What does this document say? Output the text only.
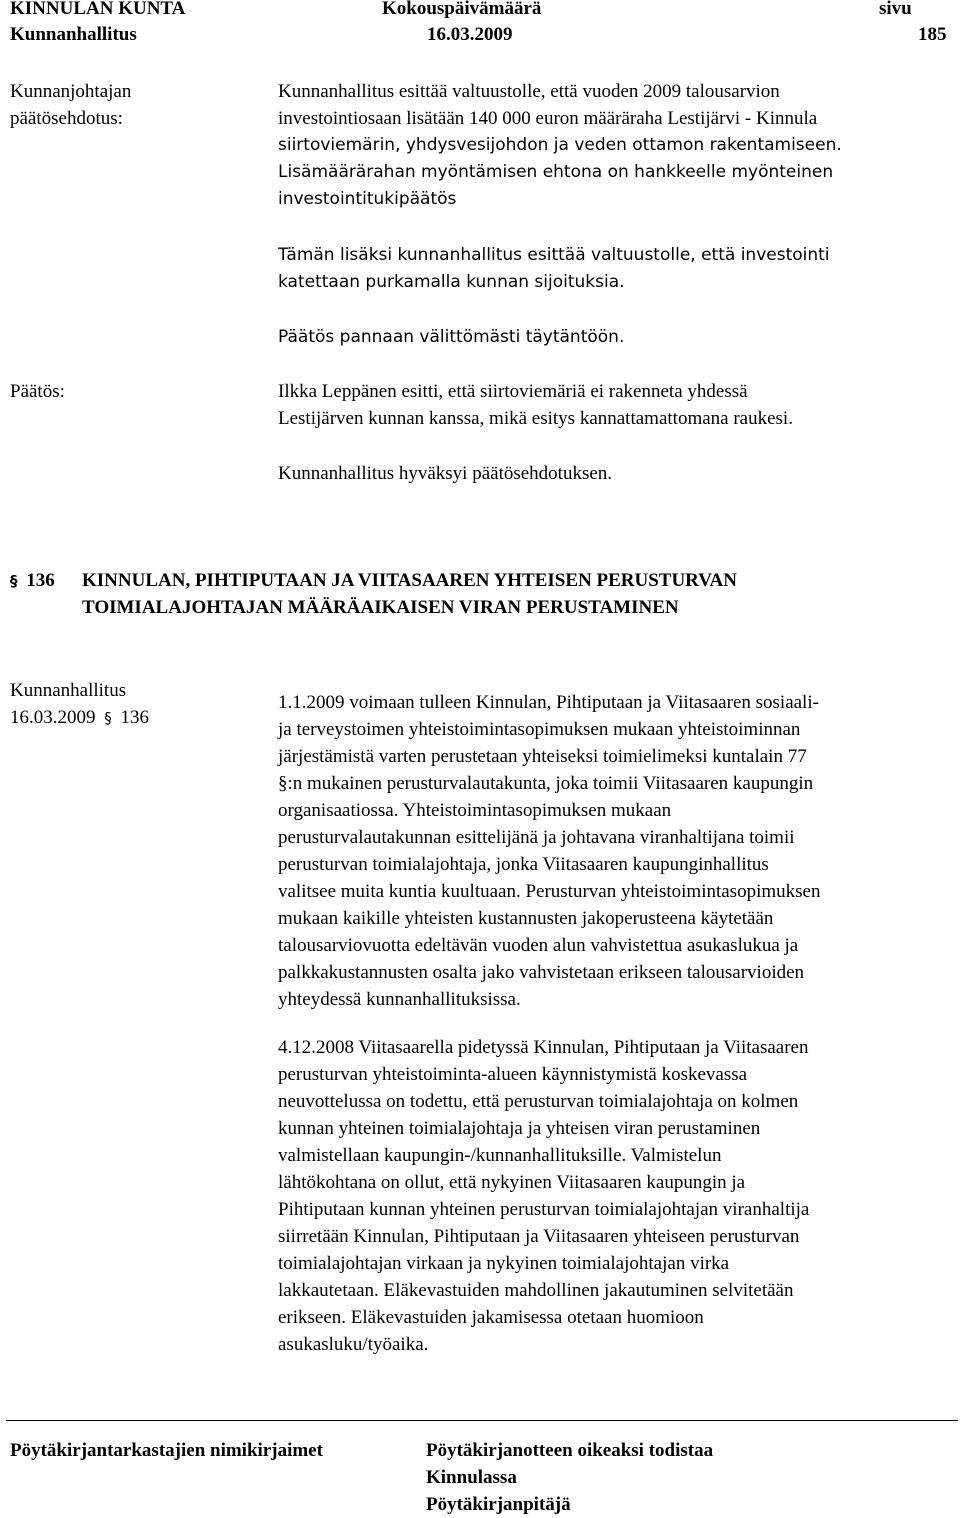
KINNULAN KUNTA	Kokouspäivämäärä	sivu
Kunnanhallitus	16.03.2009	185
Kunnanjohtajan
päätösehdotus:
Kunnanhallitus esittää valtuustolle, että vuoden 2009 talousarvion
investointiosaan lisätään 140 000 euron määräraha Lestijärvi - Kinnula
siirtoviemärin, yhdysvesijohdon ja veden ottamon rakentamiseen.
Lisämäärärahan myöntämisen ehtona on hankkeelle myönteinen
investointitukipäätös
Tämän lisäksi kunnanhallitus esittää valtuustolle, että investointi
katettaan purkamalla kunnan sijoituksia.
Päätös pannaan välittömästi täytäntöön.
Päätös:	Ilkka Leppänen esitti, että siirtoviemäriä ei rakenneta yhdessä
Lestijärven kunnan kanssa, mikä esitys kannattamattomana raukesi.
Kunnanhallitus hyväksyi päätösehdotuksen.
§ 136 KINNULAN, PIHTIPUTAAN JA VIITASAAREN YHTEISEN PERUSTURVAN
TOIMIALAJOHTAJAN MÄÄRÄAIKAISEN VIRAN PERUSTAMINEN
Kunnanhallitus
16.03.2009 § 136
1.1.2009 voimaan tulleen Kinnulan, Pihtiputaan ja Viitasaaren sosiaali-
ja terveystoimen yhteistoimintasopimuksen mukaan yhteistoiminnan
järjestämistä varten perustetaan yhteiseksi toimielimeksi kuntalain 77
§:n mukainen perusturvalautakunta, joka toimii Viitasaaren kaupungin
organisaatiossa. Yhteistoimintasopimuksen mukaan
perusturvalautakunnan esittelijänä ja johtavana viranhaltijana toimii
perusturvan toimialajohtaja, jonka Viitasaaren kaupunginhallitus
valitsee muita kuntia kuultuaan. Perusturvan yhteistoimintasopimuksen
mukaan kaikille yhteisten kustannusten jakoperusteena käytetään
talousarviovuotta edeltävän vuoden alun vahvistettua asukaslukua ja
palkkakustannusten osalta jako vahvistetaan erikseen talousarvioiden
yhteydessä kunnanhallituksissa.
4.12.2008 Viitasaarella pidetyssä Kinnulan, Pihtiputaan ja Viitasaaren
perusturvan yhteistoiminta-alueen käynnistymistä koskevassa
neuvottelussa on todettu, että perusturvan toimialajohtaja on kolmen
kunnan yhteinen toimialajohtaja ja yhteisen viran perustaminen
valmistellaan kaupungin-/kunnanhallituksille. Valmistelun
lähtökohtana on ollut, että nykyinen Viitasaaren kaupungin ja
Pihtiputaan kunnan yhteinen perusturvan toimialajohtajan viranhaltija
siirretään Kinnulan, Pihtiputaan ja Viitasaaren yhteiseen perusturvan
toimialajohtajan virkaan ja nykyinen toimialajohtajan virka
lakkautetaan. Eläkevastuiden mahdollinen jakautuminen selvitetään
erikseen. Eläkevastuiden jakamisessa otetaan huomioon
asukasluku/työaika.
Pöytäkirjantarkastajien nimikirjaimet	Pöytäkirjanotteen oikeaksi todistaa
Kinnulassa
Pöytäkirjanpitäjä
